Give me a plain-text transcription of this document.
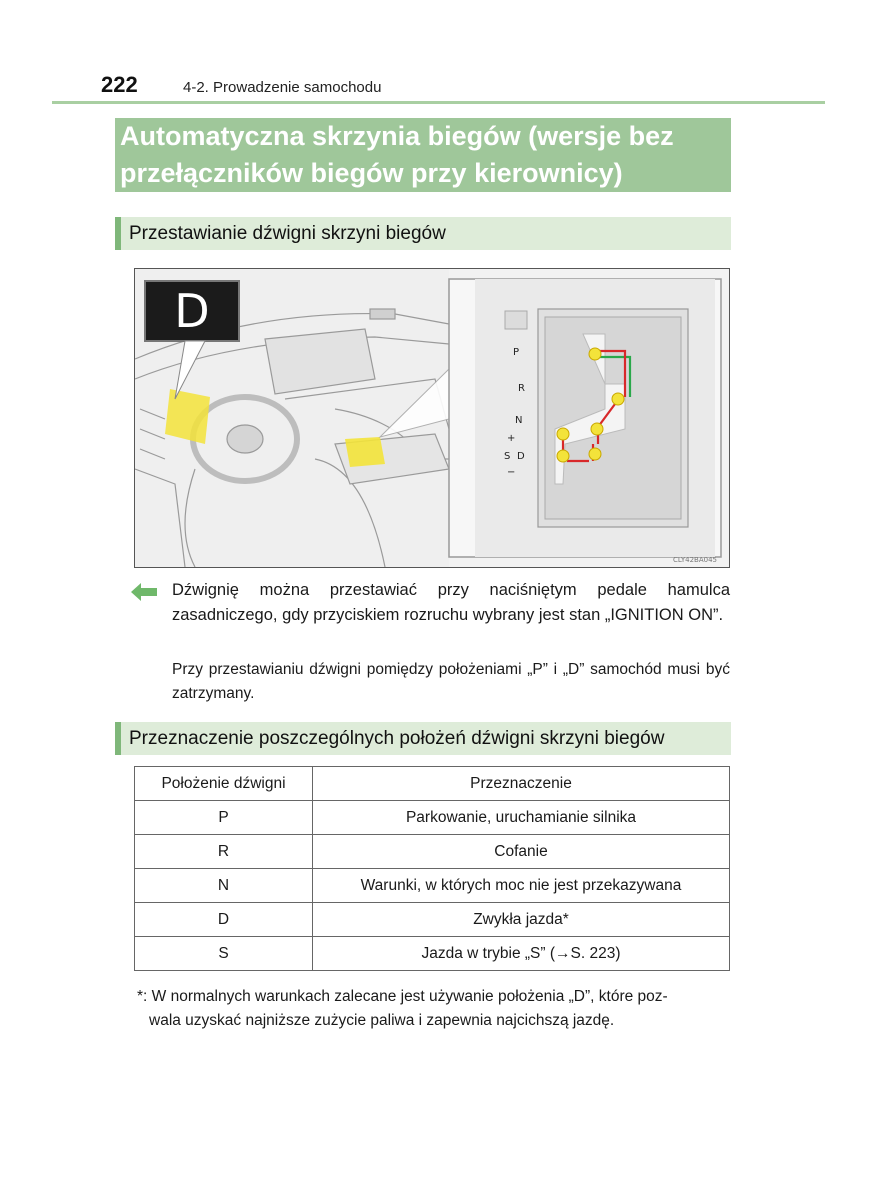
222	4-2. Prowadzenie samochodu
Automatyczna skrzynia biegów (wersje bez
przełączników biegów przy kierownicy)
Przestawianie dźwigni skrzyni biegów
D
P
R
N
+
S D
−
CLY42BA045
Dźwignię można przestawiać przy naciśniętym pedale hamulca zasadniczego, gdy przyciskiem rozruchu wybrany jest stan „IGNITION ON”.
Przy przestawianiu dźwigni pomiędzy położeniami „P” i „D” samochód musi być zatrzymany.
Przeznaczenie poszczególnych położeń dźwigni skrzyni biegów
Położenie dźwigni	Przeznaczenie
P	Parkowanie, uruchamianie silnika
R	Cofanie
N	Warunki, w których moc nie jest przekazywana
D	Zwykła jazda*
S	Jazda w trybie „S” (→S. 223)
*: W normalnych warunkach zalecane jest używanie położenia „D”, które poz-
wala uzyskać najniższe zużycie paliwa i zapewnia najcichszą jazdę.
